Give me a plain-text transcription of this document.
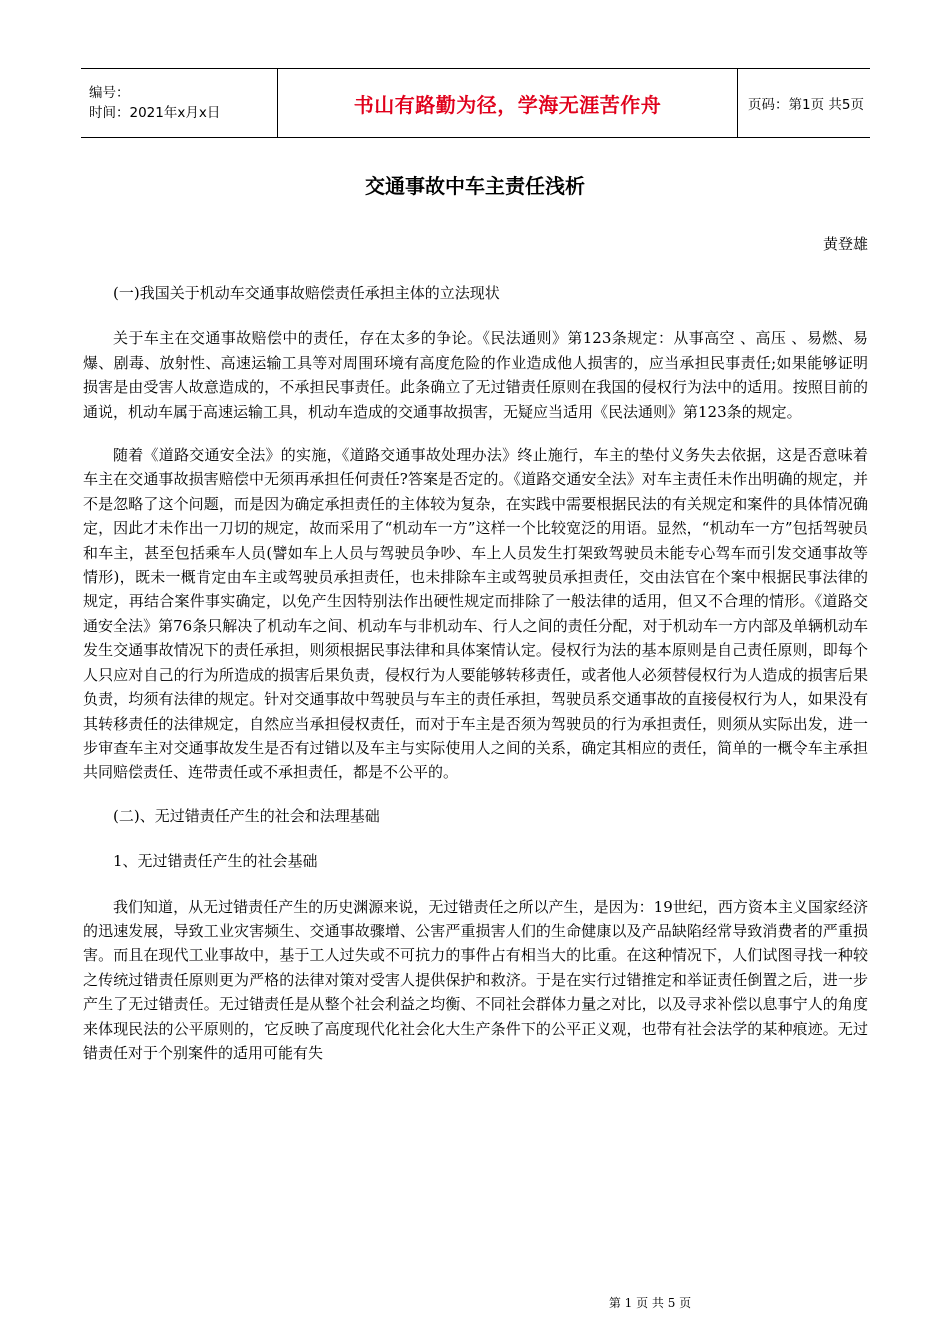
编号：
时间：2021年x月x日	书山有路勤为径，学海无涯苦作舟	页码：第1页 共5页
交通事故中车主责任浅析
黄登雄

(一)我国关于机动车交通事故赔偿责任承担主体的立法现状

关于车主在交通事故赔偿中的责任，存在太多的争论。《民法通则》第123条规定：从事高空 、高压 、易燃、易爆、剧毒、放射性、高速运输工具等对周围环境有高度危险的作业造成他人损害的，应当承担民事责任;如果能够证明损害是由受害人故意造成的，不承担民事责任。此条确立了无过错责任原则在我国的侵权行为法中的适用。按照目前的通说，机动车属于高速运输工具，机动车造成的交通事故损害，无疑应当适用《民法通则》第123条的规定。

随着《道路交通安全法》的实施，《道路交通事故处理办法》终止施行，车主的垫付义务失去依据，这是否意味着车主在交通事故损害赔偿中无须再承担任何责任?答案是否定的。《道路交通安全法》对车主责任未作出明确的规定，并不是忽略了这个问题，而是因为确定承担责任的主体较为复杂，在实践中需要根据民法的有关规定和案件的具体情况确定，因此才未作出一刀切的规定，故而采用了“机动车一方”这样一个比较宽泛的用语。显然，“机动车一方”包括驾驶员和车主，甚至包括乘车人员(譬如车上人员与驾驶员争吵、车上人员发生打架致驾驶员未能专心驾车而引发交通事故等情形)，既未一概肯定由车主或驾驶员承担责任，也未排除车主或驾驶员承担责任，交由法官在个案中根据民事法律的规定，再结合案件事实确定，以免产生因特别法作出硬性规定而排除了一般法律的适用，但又不合理的情形。《道路交通安全法》第76条只解决了机动车之间、机动车与非机动车、行人之间的责任分配，对于机动车一方内部及单辆机动车发生交通事故情况下的责任承担，则须根据民事法律和具体案情认定。侵权行为法的基本原则是自己责任原则，即每个人只应对自己的行为所造成的损害后果负责，侵权行为人要能够转移责任，或者他人必须替侵权行为人造成的损害后果负责，均须有法律的规定。针对交通事故中驾驶员与车主的责任承担，驾驶员系交通事故的直接侵权行为人，如果没有其转移责任的法律规定，自然应当承担侵权责任，而对于车主是否须为驾驶员的行为承担责任，则须从实际出发，进一步审查车主对交通事故发生是否有过错以及车主与实际使用人之间的关系，确定其相应的责任，简单的一概令车主承担共同赔偿责任、连带责任或不承担责任，都是不公平的。

(二)、无过错责任产生的社会和法理基础

1、无过错责任产生的社会基础

我们知道，从无过错责任产生的历史渊源来说，无过错责任之所以产生，是因为：19世纪，西方资本主义国家经济的迅速发展，导致工业灾害频生、交通事故骤增、公害严重损害人们的生命健康以及产品缺陷经常导致消费者的严重损害。而且在现代工业事故中，基于工人过失或不可抗力的事件占有相当大的比重。在这种情况下，人们试图寻找一种较之传统过错责任原则更为严格的法律对策对受害人提供保护和救济。于是在实行过错推定和举证责任倒置之后，进一步产生了无过错责任。无过错责任是从整个社会利益之均衡、不同社会群体力量之对比，以及寻求补偿以息事宁人的角度来体现民法的公平原则的，它反映了高度现代化社会化大生产条件下的公平正义观，也带有社会法学的某种痕迹。无过错责任对于个别案件的适用可能有失

第 1 页 共 5 页
